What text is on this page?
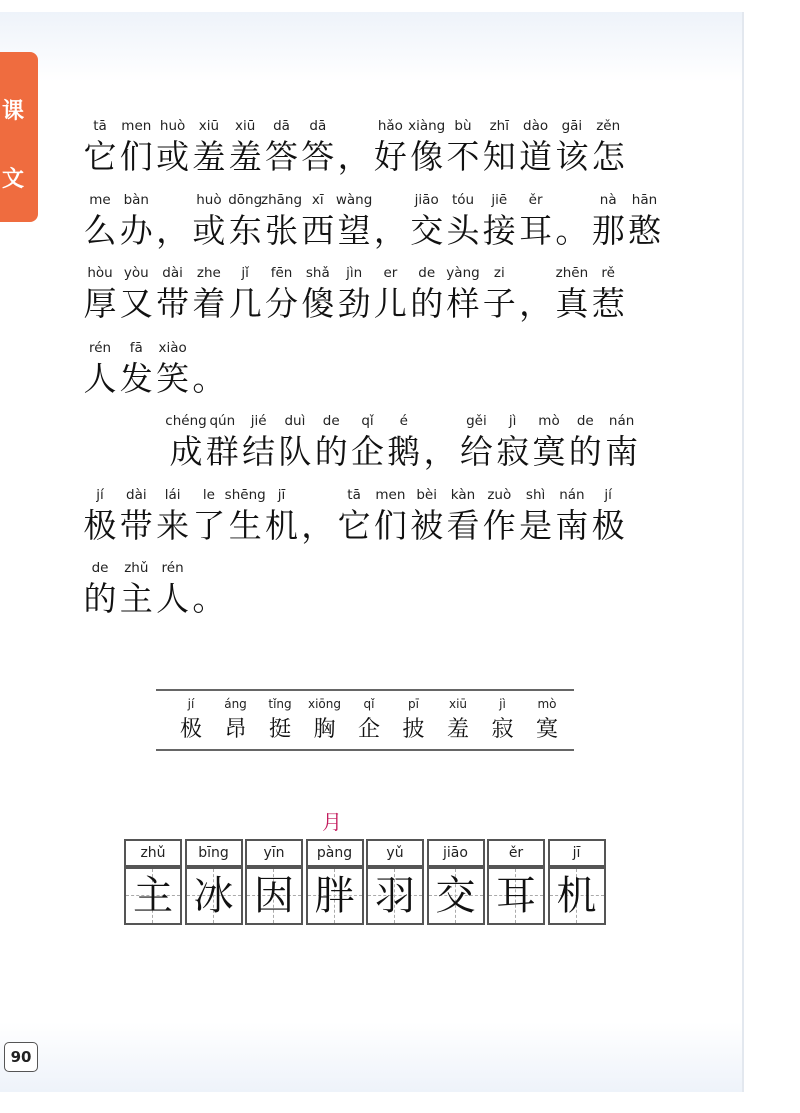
课
文
tā
它
men
们
huò
或
xiū
羞
xiū
羞
dā
答
dā
答 ，
hǎo
好
xiàng
像
bù
不
zhī
知
dào
道
gāi
该
zěn
怎
me
么
bàn
办 ，
huò
或
dōng
东
zhāng
张
xī
西
wàng
望 ，
jiāo
交
tóu
头
jiē
接
ěr
耳 。
nà
那
hān
憨
hòu
厚
yòu
又
dài
带
zhe
着
jǐ
几
fēn
分
shǎ
傻
jìn
劲
er
儿
de
的
yàng
样
zi
子 ，
zhēn
真
rě
惹
rén
人
fā
发
xiào
笑 。
chéng
成
qún
群
jié
结
duì
队
de
的
qǐ
企
é
鹅 ，
gěi
给
jì
寂
mò
寞
de
的
nán
南
jí
极
dài
带
lái
来
le
了
shēng
生
jī
机 ，
tā
它
men
们
bèi
被
kàn
看
zuò
作
shì
是
nán
南
jí
极
de
的
zhǔ
主
rén
人 。
jí
极
áng
昂
tǐng
挺
xiōng
胸
qǐ
企
pī
披
xiū
羞
jì
寂
mò
寞
月
zhǔ
主
bīng
冰
yīn
因
pàng
胖
yǔ
羽
jiāo
交
ěr
耳
jī
机
90
